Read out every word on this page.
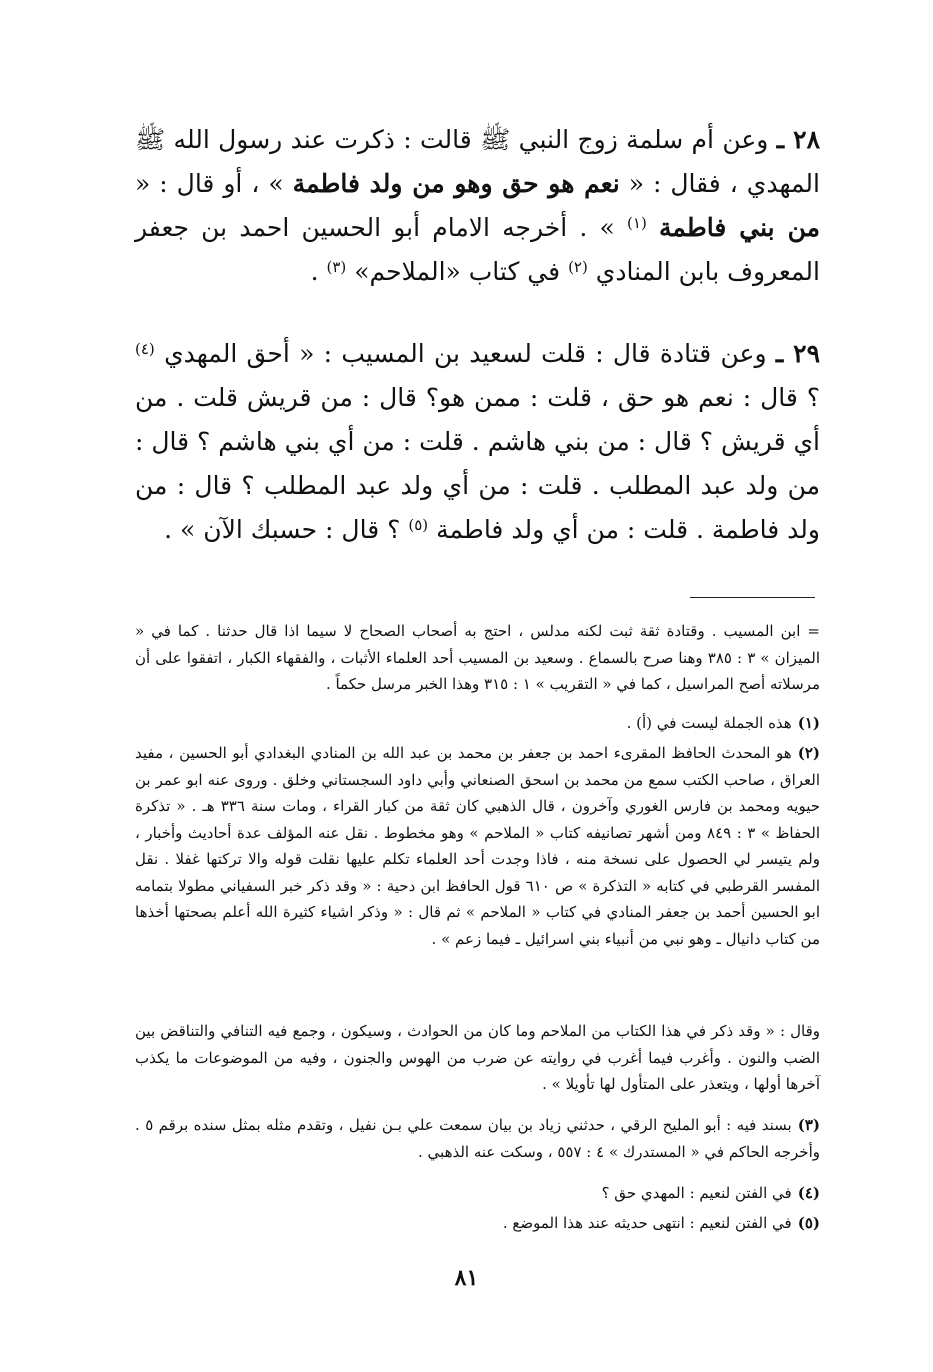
٢٨ ـ وعن أم سلمة زوج النبي ﷺ قالت : ذكرت عند رسول الله ﷺ المهدي ، فقال : « نعم هو حق وهو من ولد فاطمة » ، أو قال : « من بني فاطمة $^{(١)}$ » . أخرجه الامام أبو الحسين احمد بن جعفر المعروف بابن المنادي $^{(٢)}$ في كتاب «الملاحم» $^{(٣)}$ .

٢٩ ـ وعن قتادة قال : قلت لسعيد بن المسيب : « أحق المهدي $^{(٤)}$ ؟ قال : نعم هو حق ، قلت : ممن هو؟ قال : من قريش قلت . من أي قريش ؟ قال : من بني هاشم . قلت : من أي بني هاشم ؟ قال : من ولد عبد المطلب . قلت : من أي ولد عبد المطلب ؟ قال : من ولد فاطمة . قلت : من أي ولد فاطمة $^{(٥)}$ ؟ قال : حسبك الآن » .

= ابن المسيب . وقتادة ثقة ثبت لكنه مدلس ، احتج به أصحاب الصحاح لا سيما اذا قال حدثنا . كما في « الميزان » ٣ : ٣٨٥ وهنا صرح بالسماع . وسعيد بن المسيب أحد العلماء الأثبات ، والفقهاء الكبار ، اتفقوا على أن مرسلاته أصح المراسيل ، كما في « التقريب » ١ : ٣١٥ وهذا الخبر مرسل حكماً .

(١)هذه الجملة ليست في (أ) .

(٢)هو المحدث الحافظ المقرىء احمد بن جعفر بن محمد بن عبد الله بن المنادي البغدادي أبو الحسين ، مفيد العراق ، صاحب الكتب سمع من محمد بن اسحق الصنعاني وأبي داود السجستاني وخلق . وروى عنه ابو عمر بن حيويه ومحمد بن فارس الغوري وآخرون ، قال الذهبي كان ثقة من كبار القراء ، ومات سنة ٣٣٦ هـ . « تذكرة الحفاظ » ٣ : ٨٤٩ ومن أشهر تصانيفه كتاب « الملاحم » وهو مخطوط . نقل عنه المؤلف عدة أحاديث وأخبار ، ولم يتيسر لي الحصول على نسخة منه ، فاذا وجدت أحد العلماء تكلم عليها نقلت قوله والا تركتها غفلا . نقل المفسر القرطبي في كتابه « التذكرة » ص ٦١٠ قول الحافظ ابن دحية : « وقد ذكر خبر السفياني مطولا بتمامه ابو الحسين أحمد بن جعفر المنادي في كتاب « الملاحم » ثم قال : « وذكر اشياء كثيرة الله أعلم بصحتها أخذها من كتاب دانيال ـ وهو نبي من أنبياء بني اسرائيل ـ فيما زعم » .

وقال : « وقد ذكر في هذا الكتاب من الملاحم وما كان من الحوادث ، وسيكون ، وجمع فيه التنافي والتناقض بين الضب والنون . وأغرب فيما أغرب في روايته عن ضرب من الهوس والجنون ، وفيه من الموضوعات ما يكذب آخرها أولها ، ويتعذر على المتأول لها تأويلا » .

(٣)بسند فيه : أبو المليح الرقي ، حدثني زياد بن بيان سمعت علي بـن نفيل ، وتقدم مثله بمثل سنده برقم ٥ . وأخرجه الحاكم في « المستدرك » ٤ : ٥٥٧ ، وسكت عنه الذهبي .

(٤)في الفتن لنعيم : المهدي حق ؟

(٥)في الفتن لنعيم : انتهى حديثه عند هذا الموضع .

٨١
